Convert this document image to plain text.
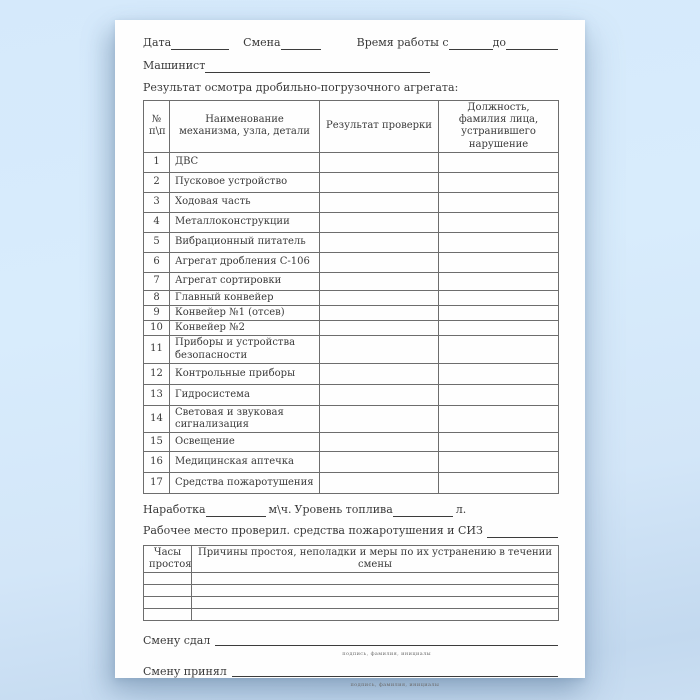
Дата	Смена	Время работы с	до
Машинист
Результат осмотра дробильно-погрузочного агрегата:
№ п\п	Наименование механизма, узла, детали	Результат проверки	Должность, фамилия лица, устранившего нарушение
1	ДВС		
2	Пусковое устройство		
3	Ходовая часть		
4	Металлоконструкции		
5	Вибрационный питатель		
6	Агрегат дробления С-106		
7	Агрегат сортировки		
8	Главный конвейер		
9	Конвейер №1 (отсев)		
10	Конвейер №2		
11	Приборы и устройства безопасности		
12	Контрольные приборы		
13	Гидросистема		
14	Световая и звуковая сигнализация		
15	Освещение		
16	Медицинская аптечка		
17	Средства пожаротушения		
Наработка	м\ч. Уровень топлива	л.
Рабочее место проверил. средства пожаротушения и СИЗ
Часы простоя	Причины простоя, неполадки и меры по их устранению в течении смены

Смену сдал
подпись, фамилия, инициалы
Смену принял
подпись, фамилия, инициалы
